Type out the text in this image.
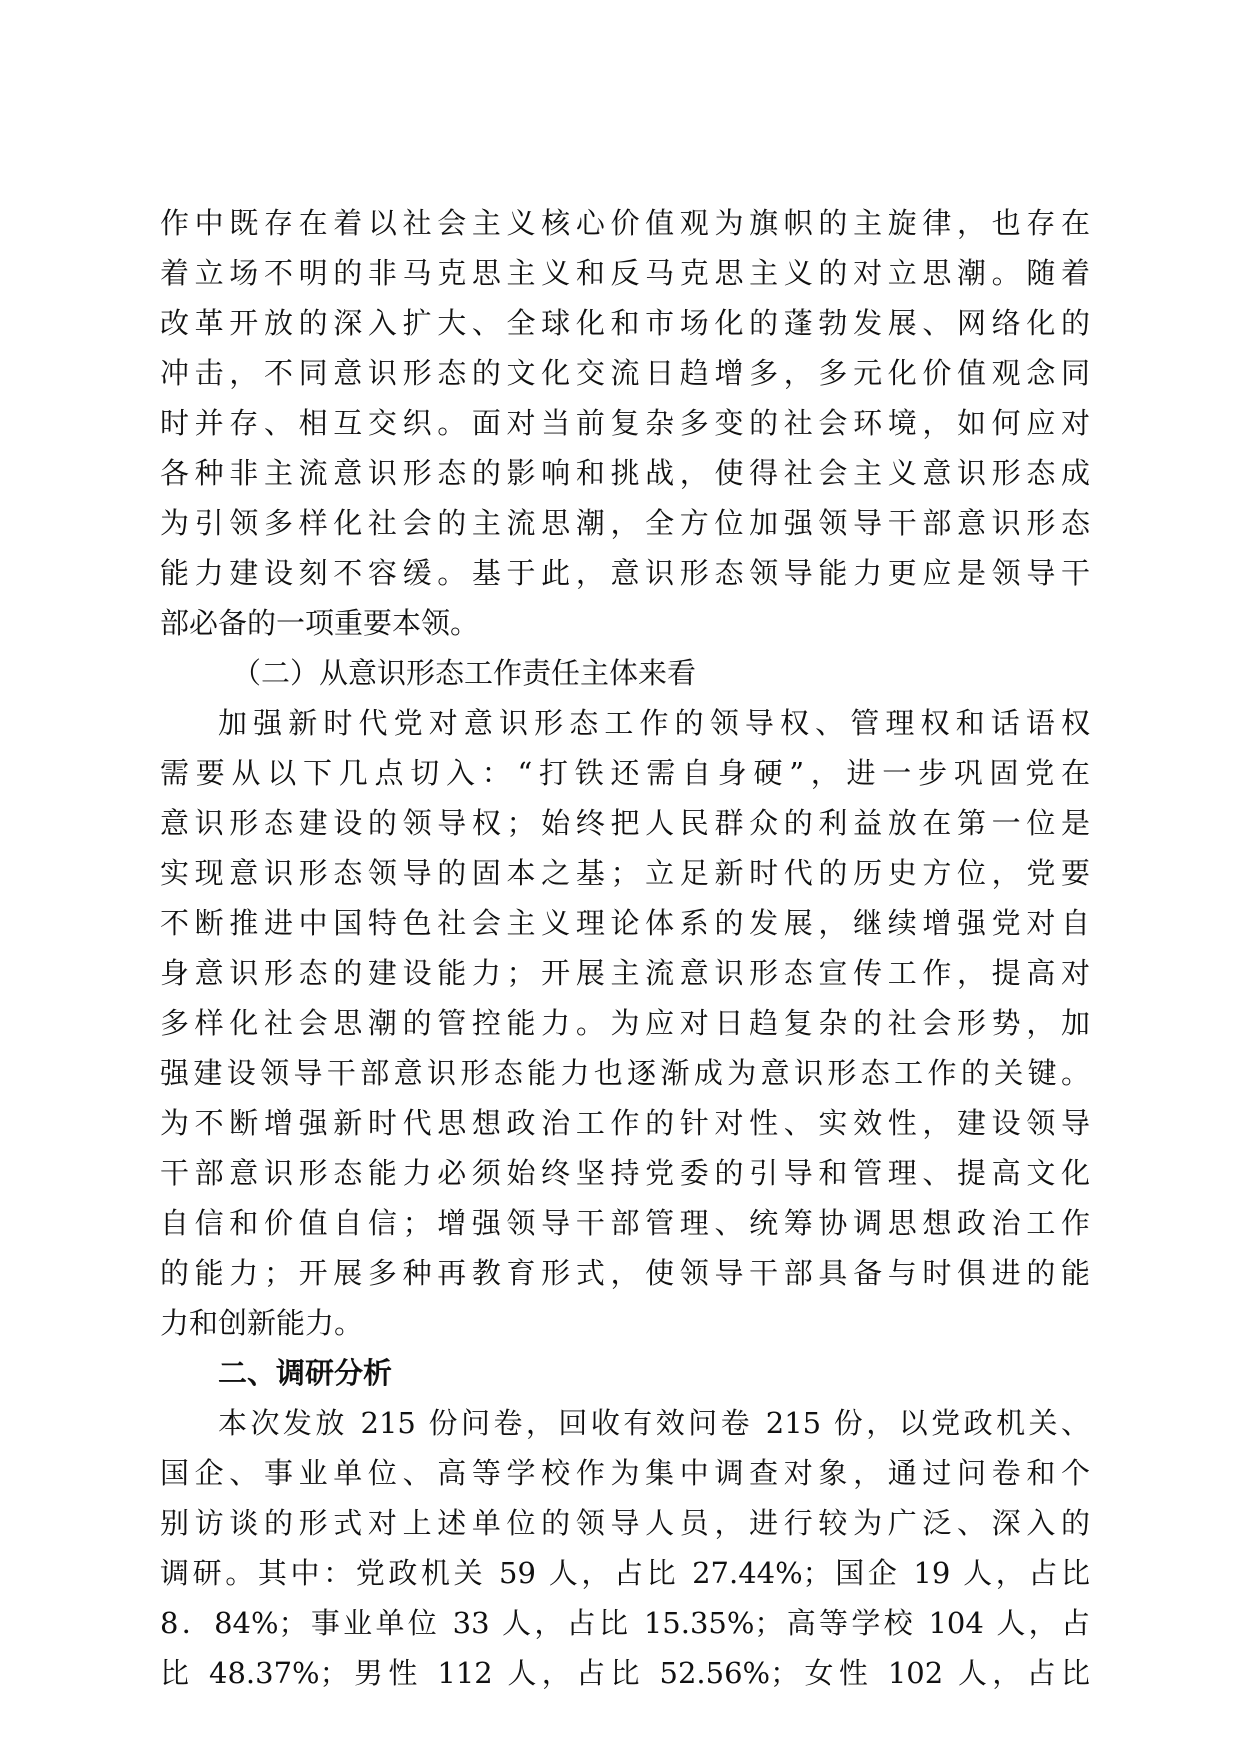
作中既存在着以社会主义核心价值观为旗帜的主旋律，也存在
着立场不明的非马克思主义和反马克思主义的对立思潮。随着
改革开放的深入扩大、全球化和市场化的蓬勃发展、网络化的
冲击，不同意识形态的文化交流日趋增多，多元化价值观念同
时并存、相互交织。面对当前复杂多变的社会环境，如何应对
各种非主流意识形态的影响和挑战，使得社会主义意识形态成
为引领多样化社会的主流思潮，全方位加强领导干部意识形态
能力建设刻不容缓。基于此，意识形态领导能力更应是领导干
部必备的一项重要本领。
（二）从意识形态工作责任主体来看
加强新时代党对意识形态工作的领导权、管理权和话语权
需要从以下几点切入：“打铁还需自身硬”，进一步巩固党在
意识形态建设的领导权；始终把人民群众的利益放在第一位是
实现意识形态领导的固本之基；立足新时代的历史方位，党要
不断推进中国特色社会主义理论体系的发展，继续增强党对自
身意识形态的建设能力；开展主流意识形态宣传工作，提高对
多样化社会思潮的管控能力。为应对日趋复杂的社会形势，加
强建设领导干部意识形态能力也逐渐成为意识形态工作的关键。
为不断增强新时代思想政治工作的针对性、实效性，建设领导
干部意识形态能力必须始终坚持党委的引导和管理、提高文化
自信和价值自信；增强领导干部管理、统筹协调思想政治工作
的能力；开展多种再教育形式，使领导干部具备与时俱进的能
力和创新能力。
二、调研分析
本次发放 215 份问卷，回收有效问卷 215 份，以党政机关、
国企、事业单位、高等学校作为集中调查对象，通过问卷和个
别访谈的形式对上述单位的领导人员，进行较为广泛、深入的
调研。其中：党政机关 59 人，占比 27.44%；国企 19 人，占比
8．84%；事业单位 33 人，占比 15.35%；高等学校 104 人，占
比 48.37%；男性 112 人，占比 52.56%；女性 102 人，占比
